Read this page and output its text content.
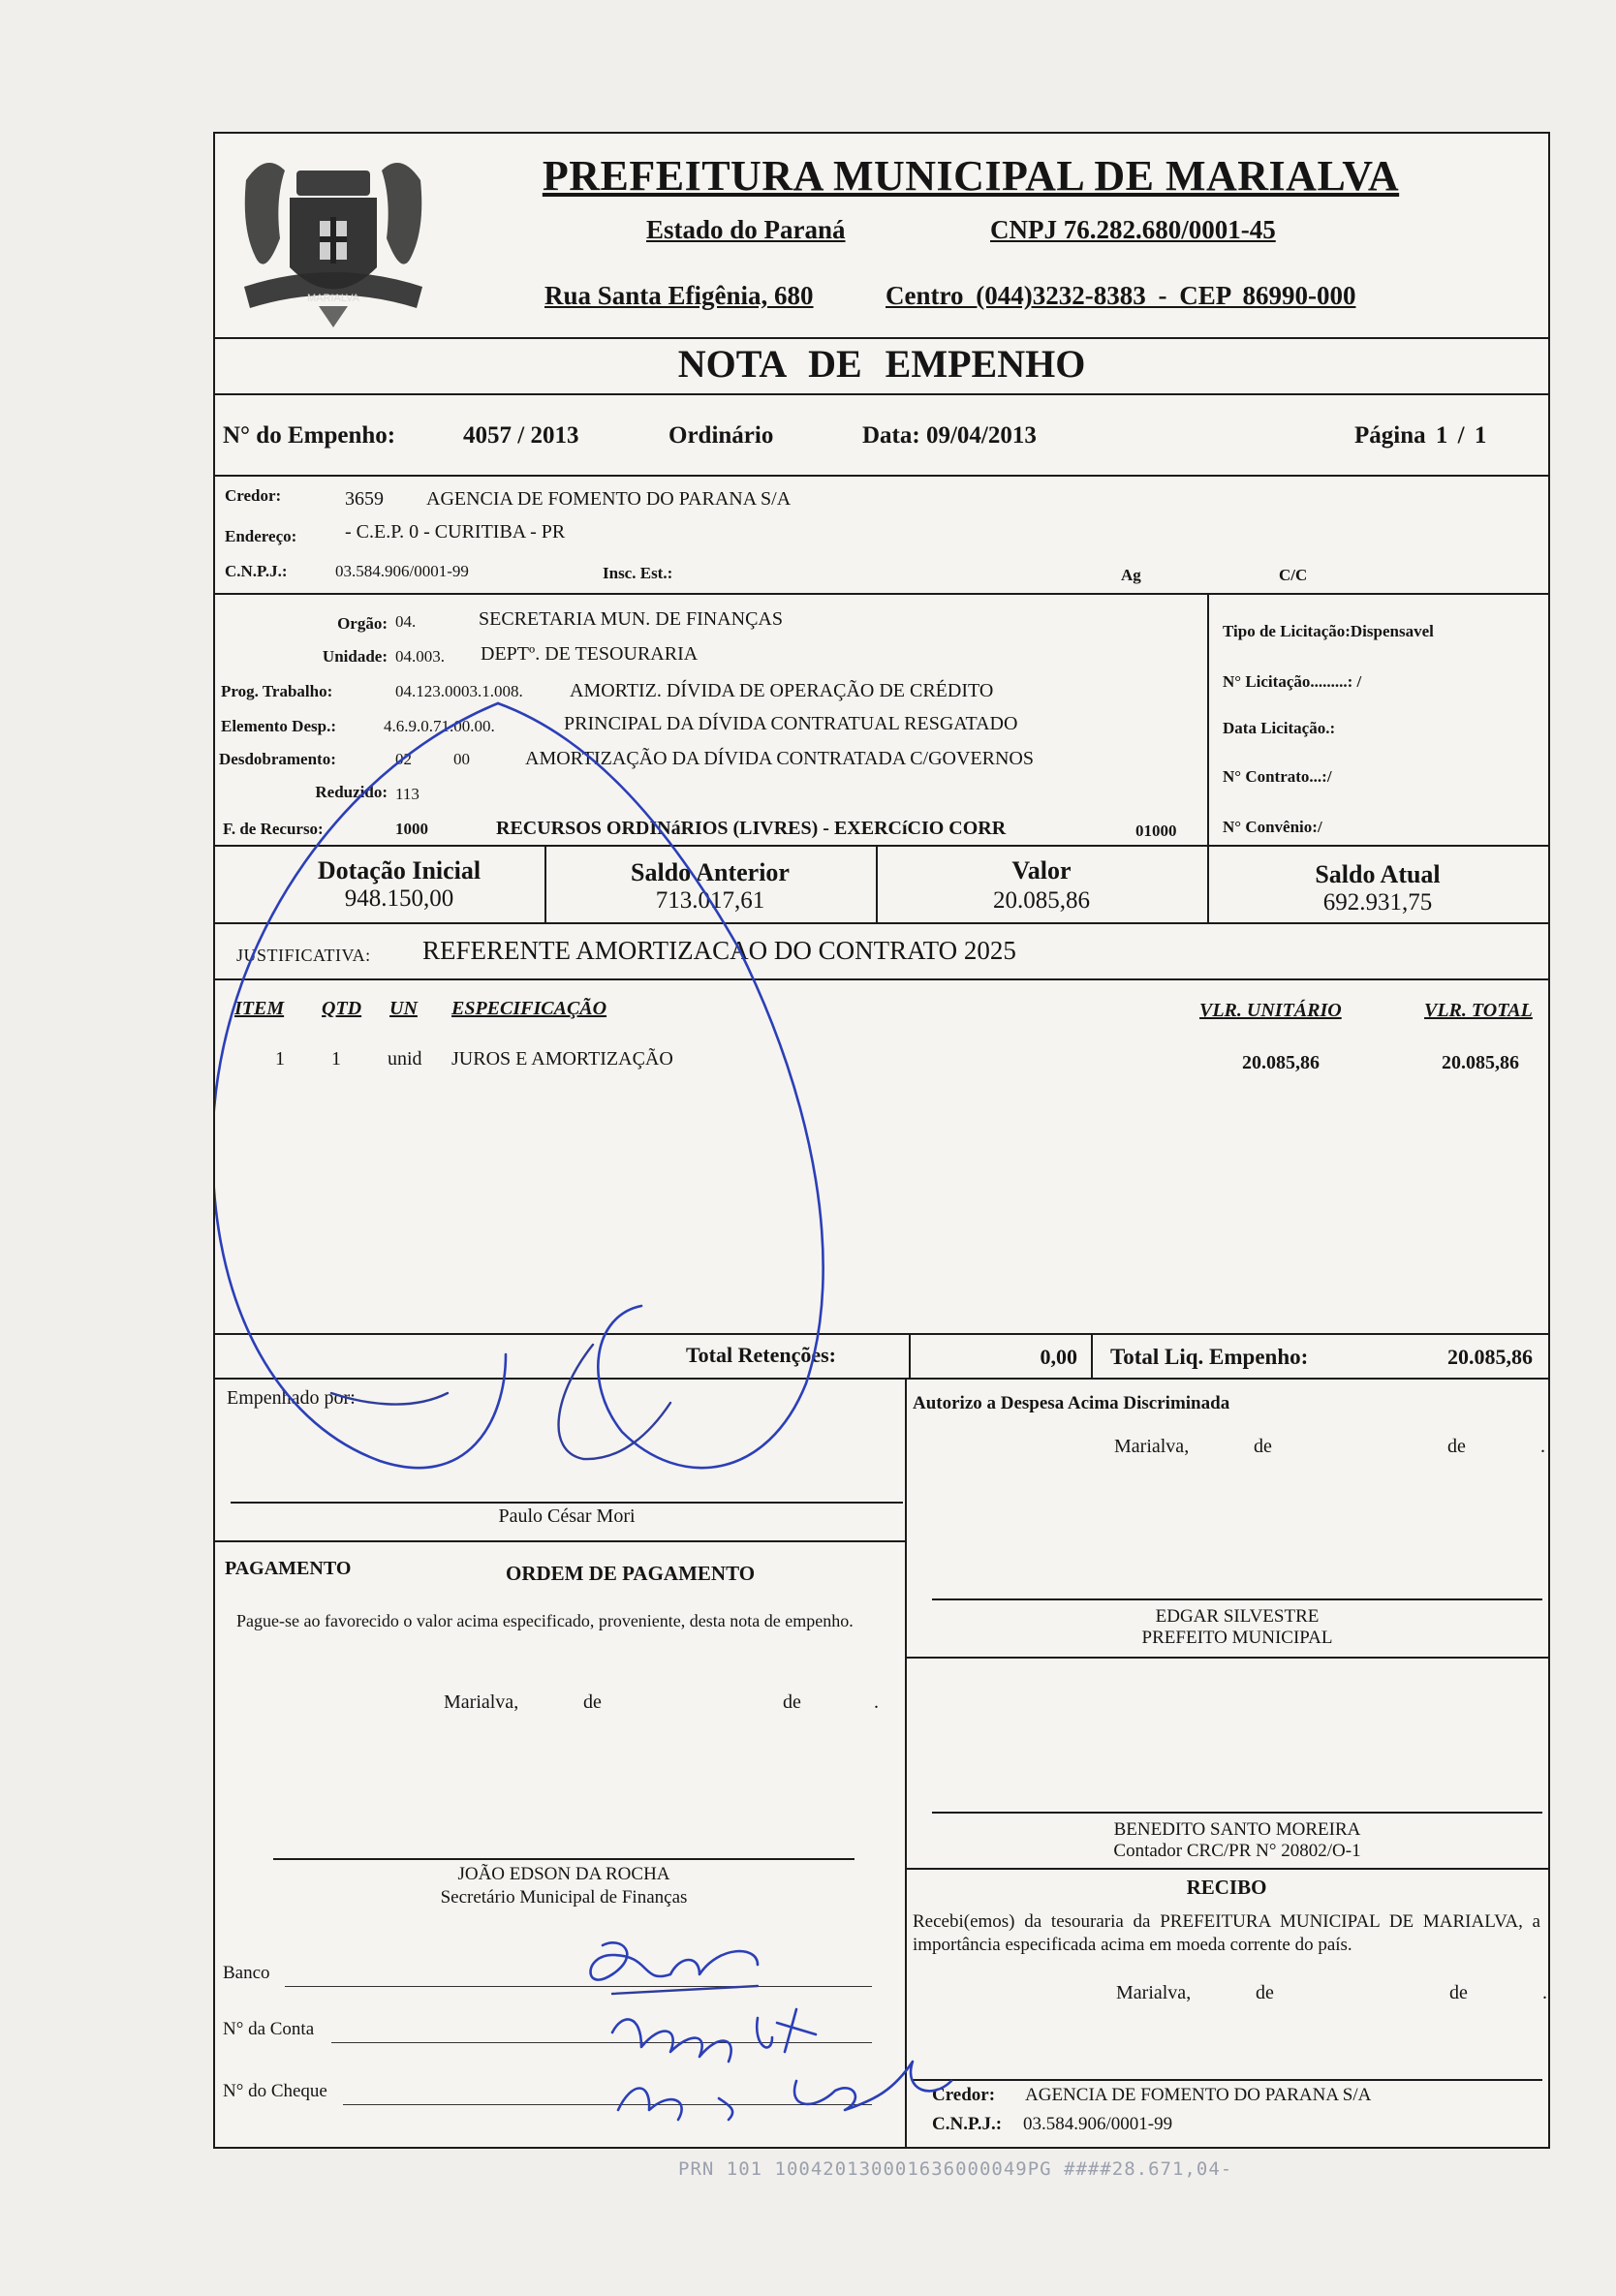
MARIALVA
PREFEITURA MUNICIPAL DE MARIALVA
Estado do Paraná	CNPJ 76.282.680/0001-45
Rua Santa Efigênia, 680	Centro (044)3232-8383 - CEP 86990-000
NOTA DE EMPENHO
N° do Empenho:	4057 / 2013	Ordinário	Data: 09/04/2013	Página 1 / 1
Credor:	3659 AGENCIA DE FOMENTO DO PARANA S/A
Endereço: - C.E.P. 0 - CURITIBA - PR
C.N.P.J.:	03.584.906/0001-99	Insc. Est.:	Ag	C/C
Orgão: 04.	SECRETARIA MUN. DE FINANÇAS
Unidade: 04.003. DEPTº. DE TESOURARIA
Prog. Trabalho:	04.123.0003.1.008. AMORTIZ. DÍVIDA DE OPERAÇÃO DE CRÉDITO
Elemento Desp.:	4.6.9.0.71.00.00.	PRINCIPAL DA DÍVIDA CONTRATUAL RESGATADO
Desdobramento:	02	00	AMORTIZAÇÃO DA DÍVIDA CONTRATADA C/GOVERNOS
Reduzido: 113
F. de Recurso:	1000	RECURSOS ORDINáRIOS (LIVRES) - EXERCíCIO CORR	01000
Tipo de Licitação:Dispensavel
N° Licitação.........: /
Data Licitação.:
N° Contrato...:/
N° Convênio:/
Dotação Inicial
948.150,00
Saldo Anterior
713.017,61
Valor
20.085,86
Saldo Atual
692.931,75
JUSTIFICATIVA: REFERENTE AMORTIZACAO DO CONTRATO 2025
ITEM QTD UN ESPECIFICAÇÃO	VLR. UNITÁRIO	VLR. TOTAL
1 1 unid JUROS E AMORTIZAÇÃO	20.085,86	20.085,86
Total Retenções:	0,00 Total Liq. Empenho:	20.085,86
Empenhado por:
Paulo César Mori
Autorizo a Despesa Acima Discriminada
Marialva,	de	de	.
PAGAMENTO	ORDEM DE PAGAMENTO
Pague-se ao favorecido o valor acima especificado, proveniente, desta nota de empenho.
Marialva,	de	de	.
EDGAR SILVESTRE
PREFEITO MUNICIPAL
BENEDITO SANTO MOREIRA
Contador CRC/PR N° 20802/O-1
JOÃO EDSON DA ROCHA
Secretário Municipal de Finanças	RECIBO
Recebi(emos) da tesouraria da PREFEITURA MUNICIPAL DE MARIALVA, a importância especificada acima em moeda corrente do país.
Marialva,	de	de	.
Banco
N° da Conta
N° do Cheque	Credor: AGENCIA DE FOMENTO DO PARANA S/A
C.N.P.J.: 03.584.906/0001-99
PRN 101 100420130001636000049PG ####28.671,04-
